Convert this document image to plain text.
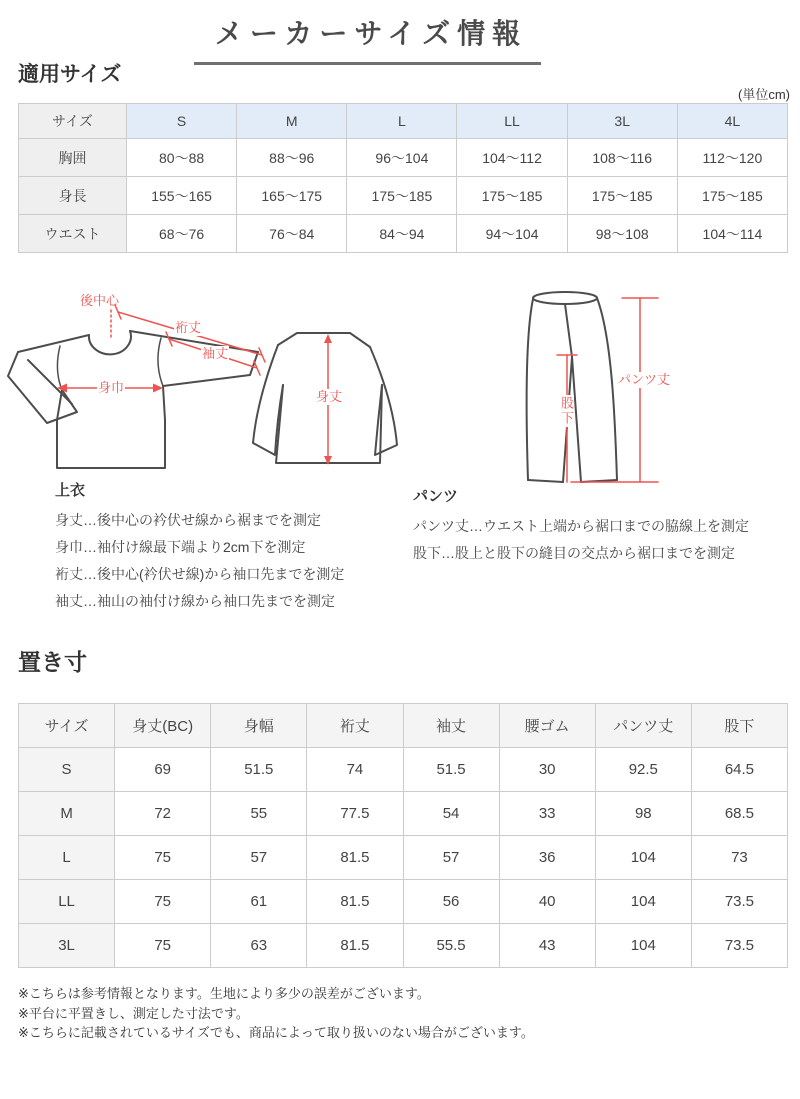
メーカーサイズ情報
適用サイズ
(単位cm)
サイズ	S	M	L	LL	3L	4L
胸囲	80〜88	88〜96	96〜104	104〜112	108〜116	112〜120
身長	155〜165	165〜175	175〜185	175〜185	175〜185	175〜185
ウエスト	68〜76	76〜84	84〜94	94〜104	98〜108	104〜114
後中心
裄丈
袖丈
身巾
身丈
パンツ丈
股下
上衣

身丈…後中心の衿伏せ線から裾までを測定

身巾…袖付け線最下端より2cm下を測定

裄丈…後中心(衿伏せ線)から袖口先までを測定

袖丈…袖山の袖付け線から袖口先までを測定

パンツ

パンツ丈…ウエスト上端から裾口までの脇線上を測定

股下…股上と股下の縫目の交点から裾口までを測定

置き寸
サイズ	身丈(BC)	身幅	裄丈	袖丈	腰ゴム	パンツ丈	股下
S	69	51.5	74	51.5	30	92.5	64.5
M	72	55	77.5	54	33	98	68.5
L	75	57	81.5	57	36	104	73
LL	75	61	81.5	56	40	104	73.5
3L	75	63	81.5	55.5	43	104	73.5

※こちらは参考情報となります。生地により多少の誤差がございます。

※平台に平置きし、測定した寸法です。

※こちらに記載されているサイズでも、商品によって取り扱いのない場合がございます。
